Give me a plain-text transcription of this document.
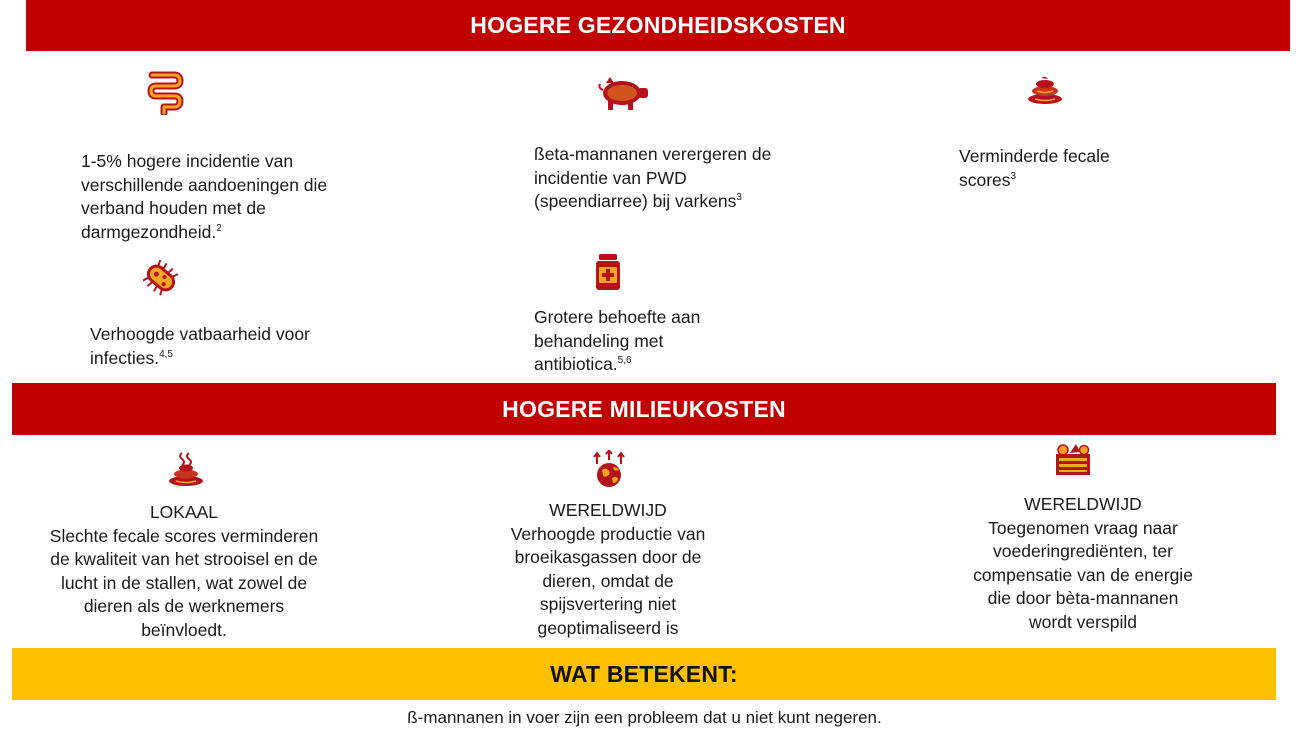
HOGERE GEZONDHEIDSKOSTEN
1-5% hogere incidentie van verschillende aandoeningen die verband houden met de darmgezondheid.$^2$
ßeta-mannanen verergeren de incidentie van PWD (speendiarree) bij varkens$^3$
Verminderde fecale scores$^3$
Verhoogde vatbaarheid voor infecties.$^{4,5}$
Grotere behoefte aan behandeling met antibiotica.$^{5,6}$
HOGERE MILIEUKOSTEN
LOKAAL
Slechte fecale scores verminderen de kwaliteit van het strooisel en de lucht in de stallen, wat zowel de dieren als de werknemers beïnvloedt.
WERELDWIJD
Verhoogde productie van broeikasgassen door de dieren, omdat de spijsvertering niet geoptimaliseerd is
WERELDWIJD
Toegenomen vraag naar voederingrediënten, ter compensatie van de energie die door bèta-mannanen wordt verspild
WAT BETEKENT:
ß-mannanen in voer zijn een probleem dat u niet kunt negeren.
